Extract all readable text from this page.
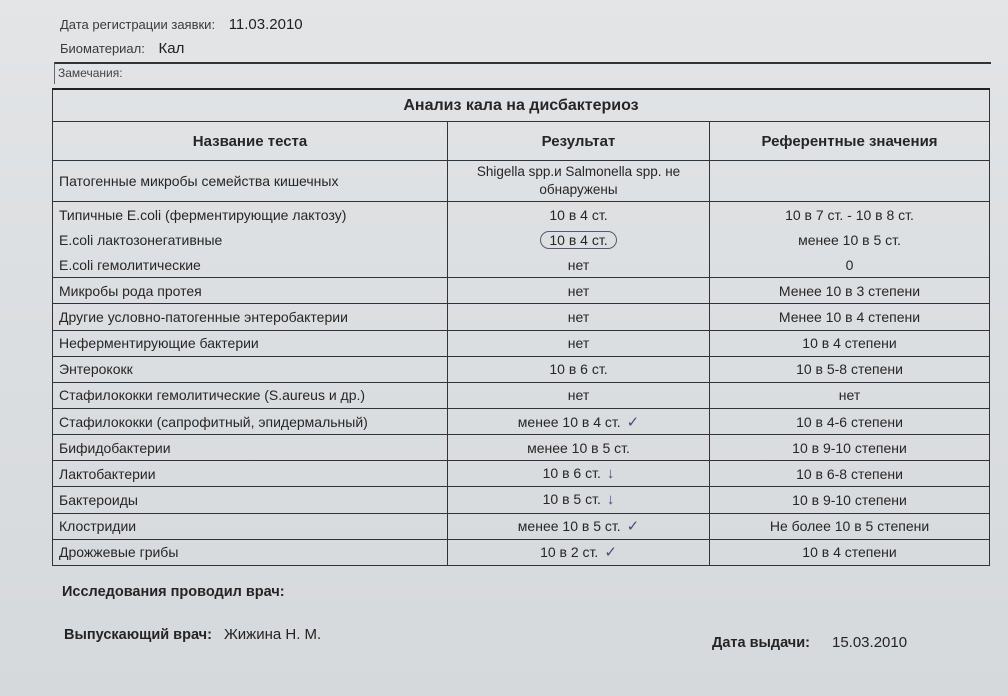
Дата регистрации заявки: 11.03.2010
Биоматериал: Кал
Замечания:
Анализ кала на дисбактериоз		
Название теста	Результат	Референтные значения
Патогенные микробы семейства кишечных	Shigella spp.и Salmonella spp. не обнаружены	
Типичные E.coli (ферментирующие лактозу)	10 в 4 ст.	10 в 7 ст. - 10 в 8 ст.
E.coli лактозонегативные	10 в 4 ст.	менее 10 в 5 ст.
E.coli гемолитические	нет	0
Микробы рода протея	нет	Менее 10 в 3 степени
Другие условно-патогенные энтеробактерии	нет	Менее 10 в 4 степени
Неферментирующие бактерии	нет	10 в 4 степени
Энтерококк	10 в 6 ст.	10 в 5-8 степени
Стафилококки гемолитические (S.aureus и др.)	нет	нет
Стафилококки (сапрофитный, эпидермальный)	менее 10 в 4 ст. ✓	10 в 4-6 степени
Бифидобактерии	менее 10 в 5 ст.	10 в 9-10 степени
Лактобактерии	10 в 6 ст. ↓	10 в 6-8 степени
Бактероиды	10 в 5 ст. ↓	10 в 9-10 степени
Клостридии	менее 10 в 5 ст. ✓	Не более 10 в 5 степени
Дрожжевые грибы	10 в 2 ст. ✓	10 в 4 степени
Исследования проводил врач:
Выпускающий врач: Жижина Н. М.	Дата выдачи: 15.03.2010
